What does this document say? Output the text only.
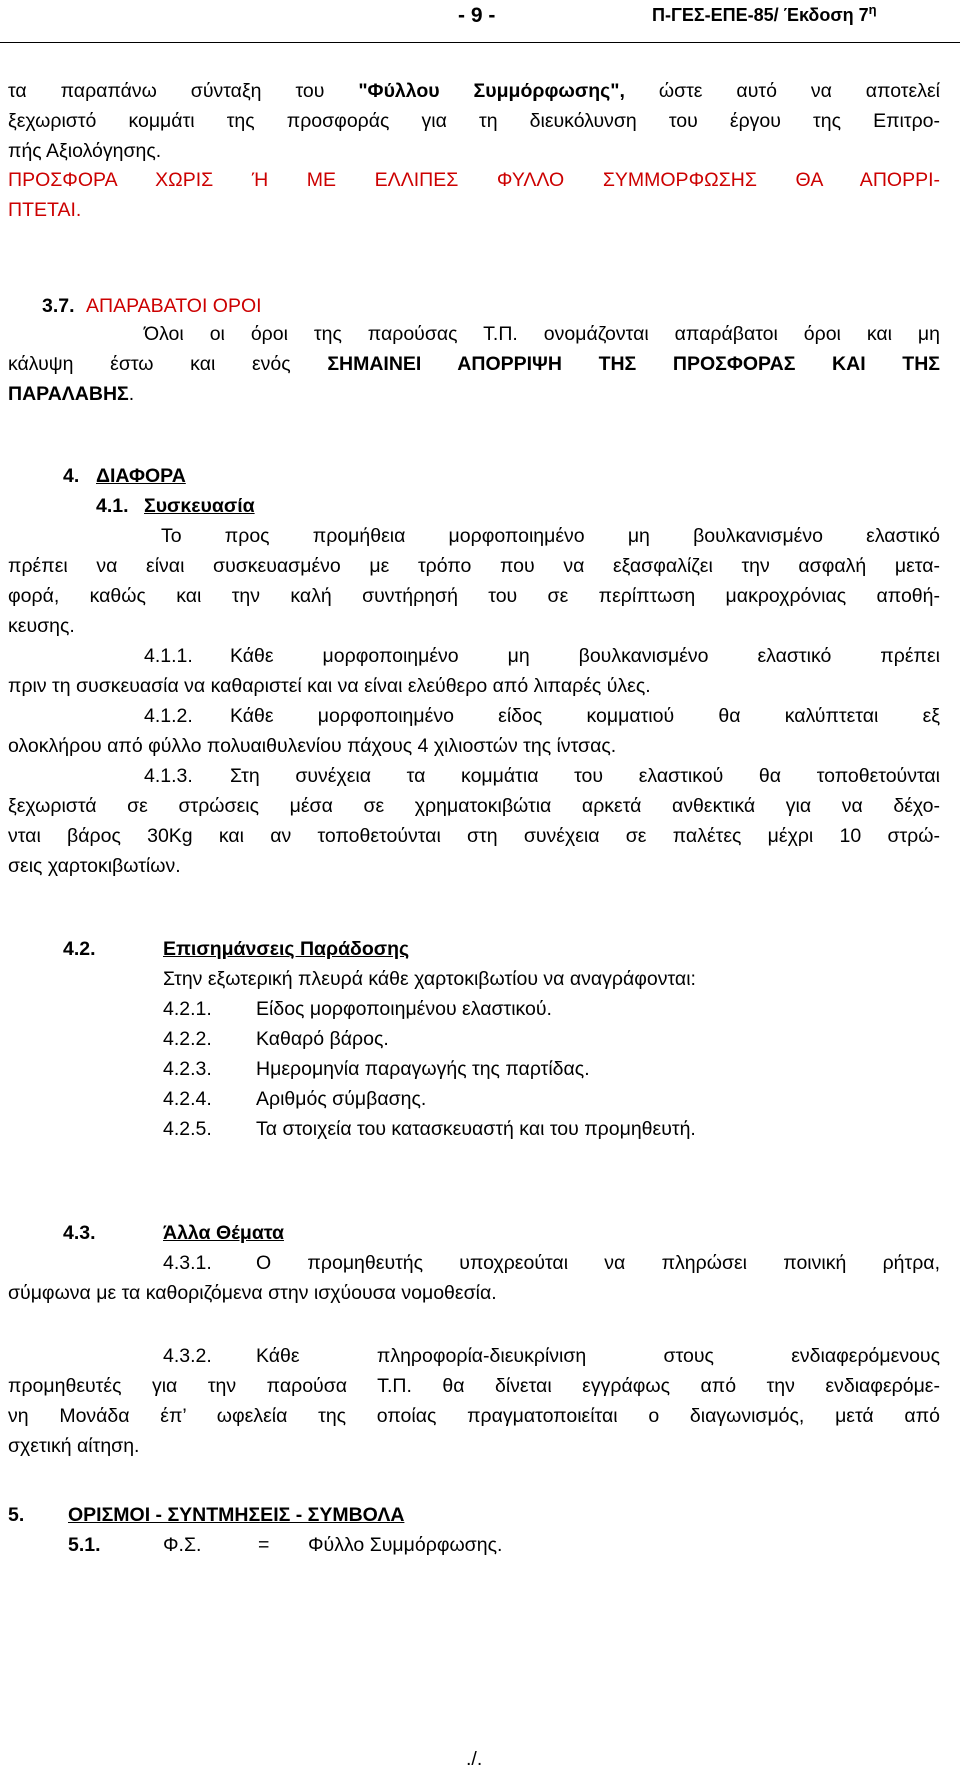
- 9 -	Π-ΓΕΣ-ΕΠΕ-85/ Έκδοση $7^\eta$
τα παραπάνω σύνταξη του "Φύλλου Συμμόρφωσης", ώστε αυτό να αποτελεί
ξεχωριστό κομμάτι της προσφοράς για τη διευκόλυνση του έργου της Επιτρο-
πής Αξιολόγησης.
ΠΡΟΣΦΟΡΑ ΧΩΡΙΣ Ή ΜΕ ΕΛΛΙΠΕΣ ΦΥΛΛΟ ΣΥΜΜΟΡΦΩΣΗΣ ΘΑ ΑΠΟΡΡΙ-
ΠΤΕΤΑΙ.
3.7. ΑΠΑΡΑΒΑΤΟΙ ΟΡΟΙ
Όλοι οι όροι της παρούσας Τ.Π. ονομάζονται απαράβατοι όροι και μη
κάλυψη έστω και ενός ΣΗΜΑΙΝΕΙ ΑΠΟΡΡΙΨΗ ΤΗΣ ΠΡΟΣΦΟΡΑΣ ΚΑΙ ΤΗΣ
ΠΑΡΑΛΑΒΗΣ.
4. ΔΙΑΦΟΡΑ
4.1. Συσκευασία
Το προς προμήθεια μορφοποιημένο μη βουλκανισμένο ελαστικό
πρέπει να είναι συσκευασμένο με τρόπο που να εξασφαλίζει την ασφαλή μετα-
φορά, καθώς και την καλή συντήρησή του σε περίπτωση μακροχρόνιας αποθή-
κευσης.
4.1.1. Κάθε μορφοποιημένο μη βουλκανισμένο ελαστικό πρέπει
πριν τη συσκευασία να καθαριστεί και να είναι ελεύθερο από λιπαρές ύλες.
4.1.2. Κάθε μορφοποιημένο είδος κομματιού θα καλύπτεται εξ
ολοκλήρου από φύλλο πολυαιθυλενίου πάχους 4 χιλιοστών της ίντσας.
4.1.3. Στη συνέχεια τα κομμάτια του ελαστικού θα τοποθετούνται
ξεχωριστά σε στρώσεις μέσα σε χρηματοκιβώτια αρκετά ανθεκτικά για να δέχο-
νται βάρος 30Kg και αν τοποθετούνται στη συνέχεια σε παλέτες μέχρι 10 στρώ-
σεις χαρτοκιβωτίων.
4.2.	Επισημάνσεις Παράδοσης
Στην εξωτερική πλευρά κάθε χαρτοκιβωτίου να αναγράφονται:
4.2.1. Είδος μορφοποιημένου ελαστικού.
4.2.2. Καθαρό βάρος.
4.2.3. Ημερομηνία παραγωγής της παρτίδας.
4.2.4. Αριθμός σύμβασης.
4.2.5. Τα στοιχεία του κατασκευαστή και του προμηθευτή.
4.3.	Άλλα Θέματα
4.3.1. Ο προμηθευτής υποχρεούται να πληρώσει ποινική ρήτρα,
σύμφωνα με τα καθοριζόμενα στην ισχύουσα νομοθεσία.
4.3.2. Κάθε πληροφορία-διευκρίνιση στους ενδιαφερόμενους
προμηθευτές για την παρούσα Τ.Π. θα δίνεται εγγράφως από την ενδιαφερόμε-
νη Μονάδα έπ’ ωφελεία της οποίας πραγματοποιείται ο διαγωνισμός, μετά από
σχετική αίτηση.
5. ΟΡΙΣΜΟΙ - ΣΥΝΤΜΗΣΕΙΣ - ΣΥΜΒΟΛΑ
5.1.	Φ.Σ.	= Φύλλο Συμμόρφωσης.
./.
